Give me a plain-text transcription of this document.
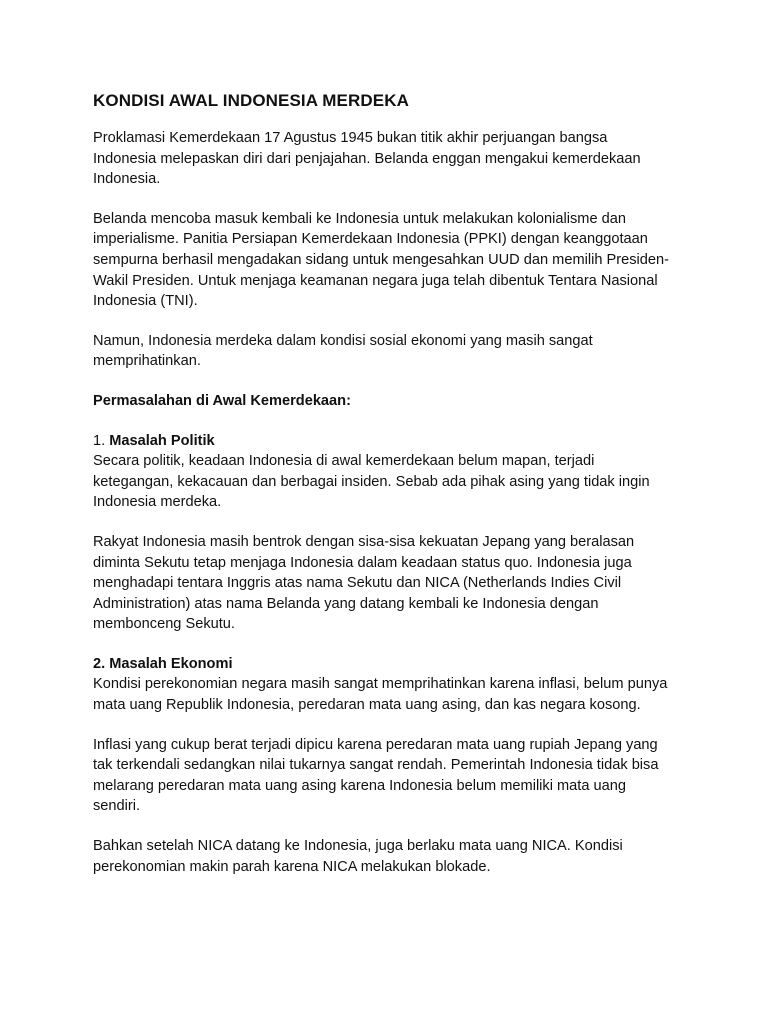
KONDISI AWAL INDONESIA MERDEKA

Proklamasi Kemerdekaan 17 Agustus 1945 bukan titik akhir perjuangan bangsa Indonesia melepaskan diri dari penjajahan. Belanda enggan mengakui kemerdekaan Indonesia.

Belanda mencoba masuk kembali ke Indonesia untuk melakukan kolonialisme dan imperialisme. Panitia Persiapan Kemerdekaan Indonesia (PPKI) dengan keanggotaan sempurna berhasil mengadakan sidang untuk mengesahkan UUD dan memilih Presiden-Wakil Presiden. Untuk menjaga keamanan negara juga telah dibentuk Tentara Nasional Indonesia (TNI).

Namun, Indonesia merdeka dalam kondisi sosial ekonomi yang masih sangat memprihatinkan.

Permasalahan di Awal Kemerdekaan:
1. Masalah Politik

Secara politik, keadaan Indonesia di awal kemerdekaan belum mapan, terjadi ketegangan, kekacauan dan berbagai insiden. Sebab ada pihak asing yang tidak ingin Indonesia merdeka.

Rakyat Indonesia masih bentrok dengan sisa-sisa kekuatan Jepang yang beralasan diminta Sekutu tetap menjaga Indonesia dalam keadaan status quo. Indonesia juga menghadapi tentara Inggris atas nama Sekutu dan NICA (Netherlands Indies Civil Administration) atas nama Belanda yang datang kembali ke Indonesia dengan membonceng Sekutu.

2. Masalah Ekonomi

Kondisi perekonomian negara masih sangat memprihatinkan karena inflasi, belum punya mata uang Republik Indonesia, peredaran mata uang asing, dan kas negara kosong.

Inflasi yang cukup berat terjadi dipicu karena peredaran mata uang rupiah Jepang yang tak terkendali sedangkan nilai tukarnya sangat rendah. Pemerintah Indonesia tidak bisa melarang peredaran mata uang asing karena Indonesia belum memiliki mata uang sendiri.

Bahkan setelah NICA datang ke Indonesia, juga berlaku mata uang NICA. Kondisi perekonomian makin parah karena NICA melakukan blokade.
